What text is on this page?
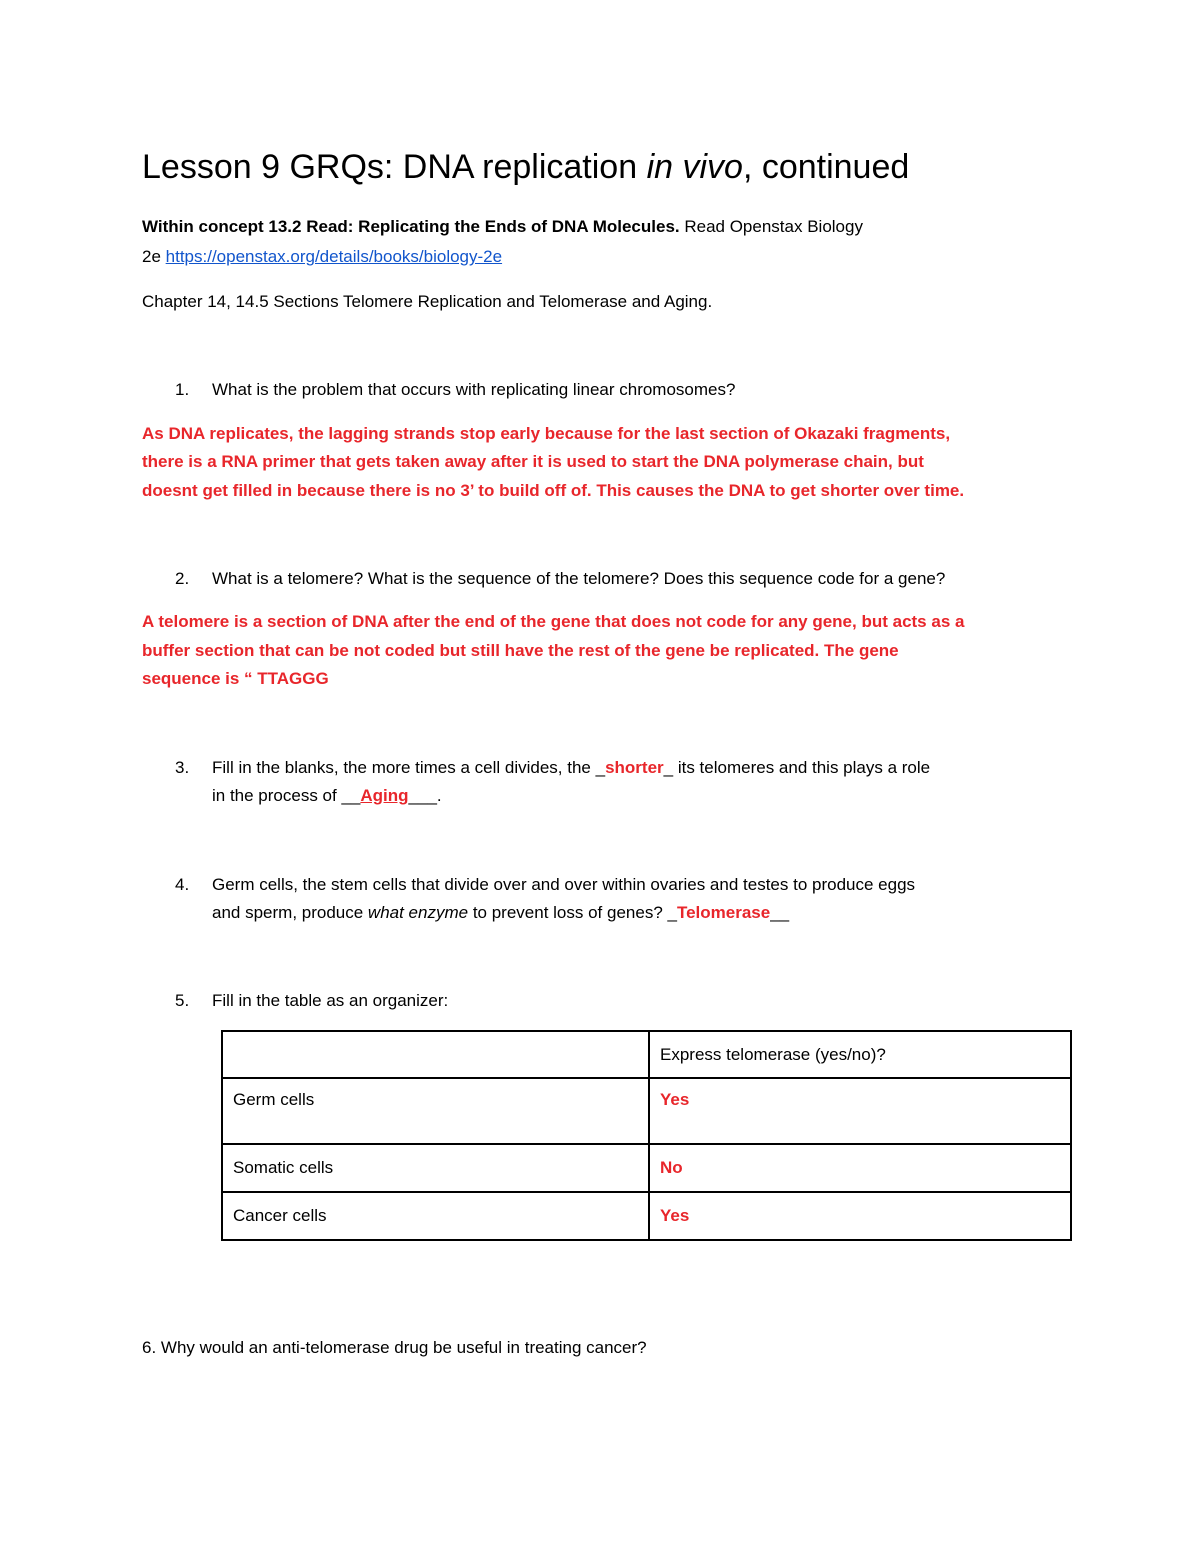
Lesson 9 GRQs: DNA replication in vivo, continued
Within concept 13.2 Read: Replicating the Ends of DNA Molecules. Read Openstax Biology
2e https://openstax.org/details/books/biology-2e
Chapter 14, 14.5 Sections Telomere Replication and Telomerase and Aging.
1. What is the problem that occurs with replicating linear chromosomes?
As DNA replicates, the lagging strands stop early because for the last section of Okazaki fragments,
there is a RNA primer that gets taken away after it is used to start the DNA polymerase chain, but
doesnt get filled in because there is no 3’ to build off of. This causes the DNA to get shorter over time.
2. What is a telomere? What is the sequence of the telomere? Does this sequence code for a gene?
A telomere is a section of DNA after the end of the gene that does not code for any gene, but acts as a
buffer section that can be not coded but still have the rest of the gene be replicated. The gene
sequence is “ TTAGGG
3. Fill in the blanks, the more times a cell divides, the _shorter_ its telomeres and this plays a role
in the process of __Aging___.
4. Germ cells, the stem cells that divide over and over within ovaries and testes to produce eggs
and sperm, produce what enzyme to prevent loss of genes? _Telomerase__
5. Fill in the table as an organizer:
	Express telomerase (yes/no)?
Germ cells	Yes
Somatic cells	No
Cancer cells	Yes
6. Why would an anti-telomerase drug be useful in treating cancer?
